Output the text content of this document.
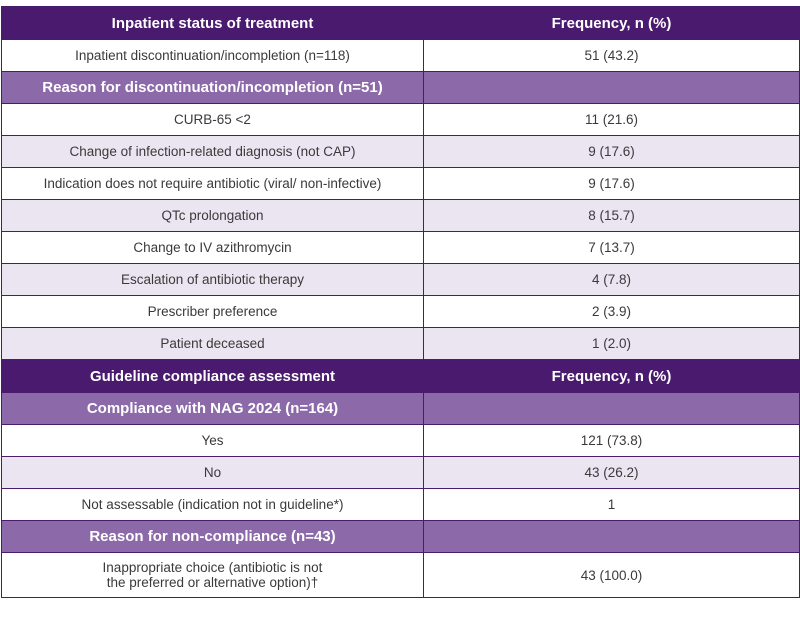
Inpatient status of treatment	Frequency, n (%)
Inpatient discontinuation/incompletion (n=118)	51 (43.2)
Reason for discontinuation/incompletion (n=51)	
CURB-65 <2	11 (21.6)
Change of infection-related diagnosis (not CAP)	9 (17.6)
Indication does not require antibiotic (viral/ non-infective)	9 (17.6)
QTc prolongation	8 (15.7)
Change to IV azithromycin	7 (13.7)
Escalation of antibiotic therapy	4 (7.8)
Prescriber preference	2 (3.9)
Patient deceased	1 (2.0)
Guideline compliance assessment	Frequency, n (%)
Compliance with NAG 2024 (n=164)	
Yes	121 (73.8)
No	43 (26.2)
Not assessable (indication not in guideline*)	1
Reason for non-compliance (n=43)	

Inappropriate choice (antibiotic is not
the preferred or alternative option)†	43 (100.0)
